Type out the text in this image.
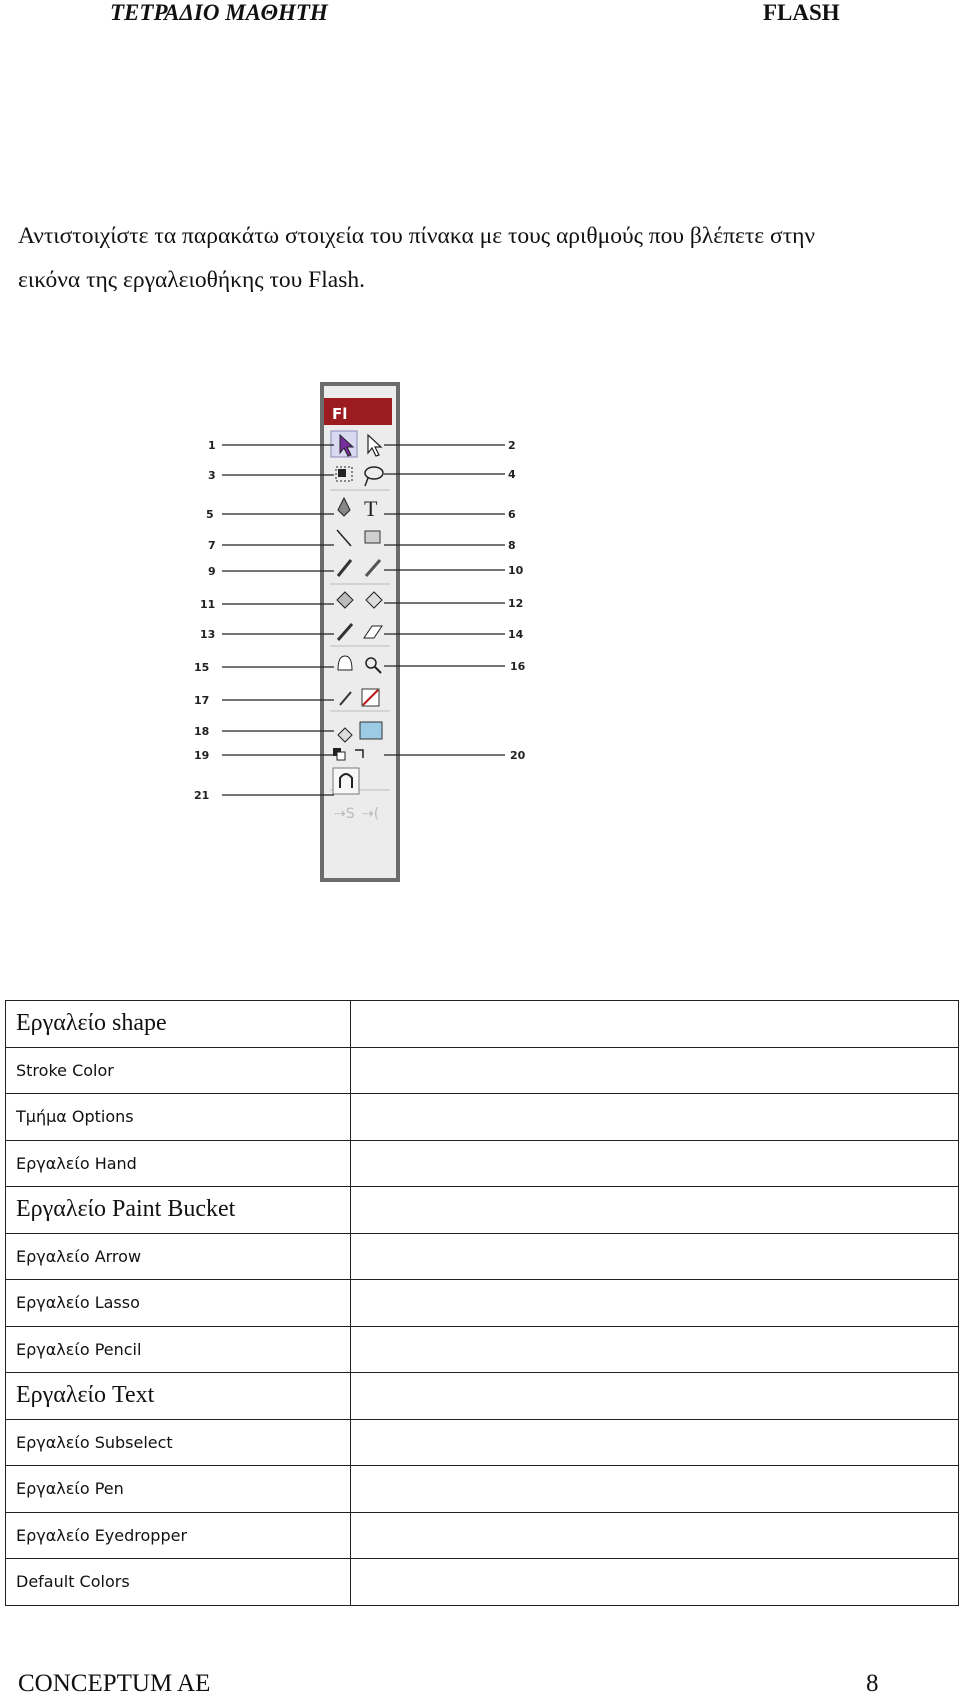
ΤΕΤΡΑΔΙΟ ΜΑΘΗΤΗ	FLASH
Αντιστοιχίστε τα παρακάτω στοιχεία του πίνακα με τους αριθμούς που βλέπετε στην
εικόνα της εργαλειοθήκης του Flash.
Fl
T
⇢S ⇢(
1
3
5
7
9
11
13
15
17
18
19
21
2
4
6
8
10
12
14
16
20
Εργαλείο shape	
Stroke Color	
Τμήμα Options	
Εργαλείο Hand	
Εργαλείο Paint Bucket	
Εργαλείο Arrow	
Εργαλείο Lasso	
Εργαλείο Pencil	
Εργαλείο Text	
Εργαλείο Subselect	
Εργαλείο Pen	
Εργαλείο Eyedropper	
Default Colors	
CONCEPTUM AE	8
